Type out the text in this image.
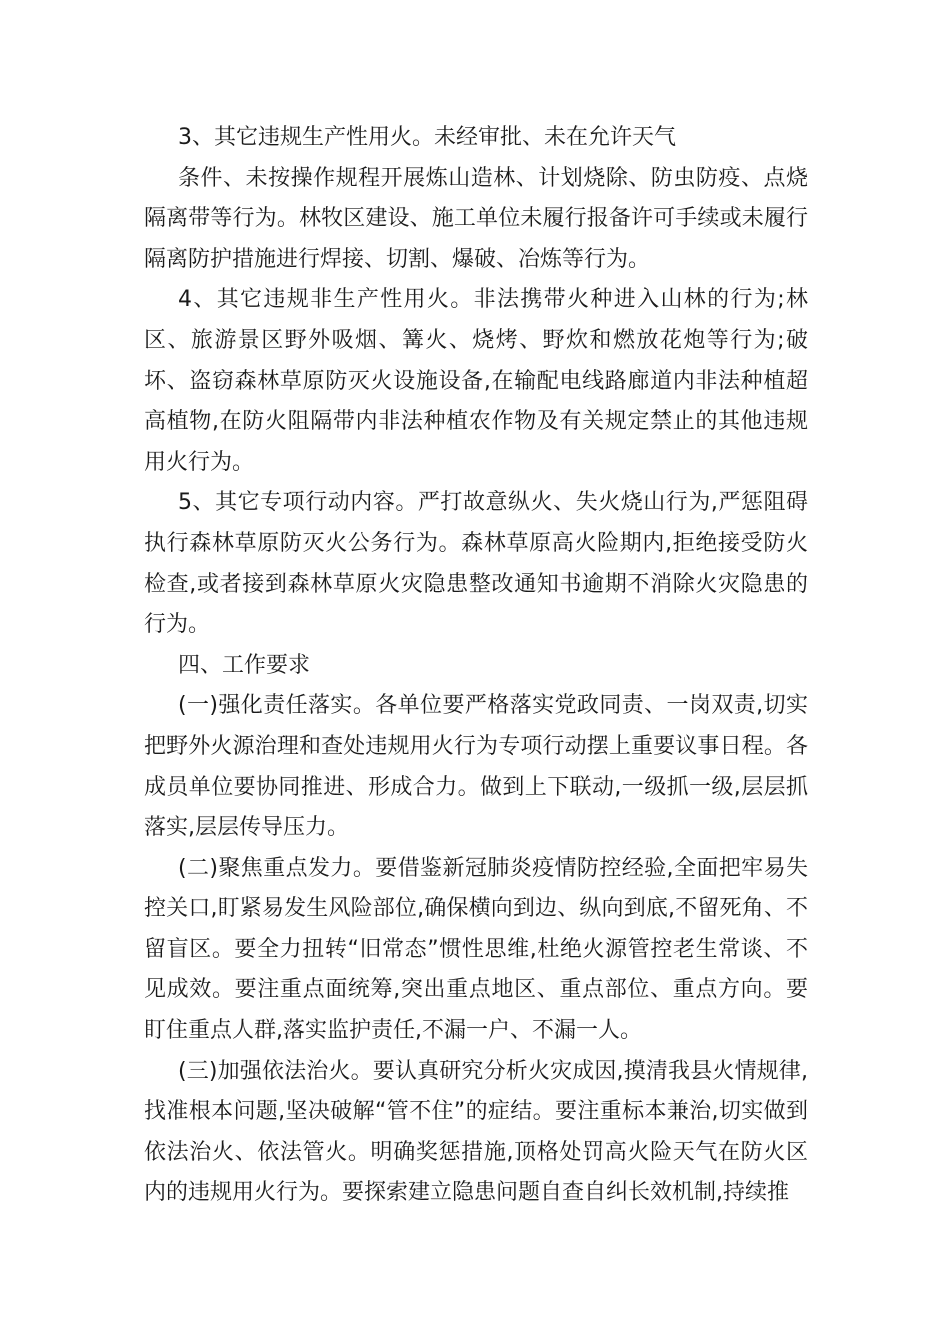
3、其它违规生产性用火。未经审批、未在允许天气

条件、未按操作规程开展炼山造林、计划烧除、防虫防疫、点烧隔离带等行为。林牧区建设、施工单位未履行报备许可手续或未履行隔离防护措施进行焊接、切割、爆破、冶炼等行为。

4、其它违规非生产性用火。非法携带火种进入山林的行为;林区、旅游景区野外吸烟、篝火、烧烤、野炊和燃放花炮等行为;破坏、盗窃森林草原防灭火设施设备,在输配电线路廊道内非法种植超高植物,在防火阻隔带内非法种植农作物及有关规定禁止的其他违规用火行为。

5、其它专项行动内容。严打故意纵火、失火烧山行为,严惩阻碍执行森林草原防灭火公务行为。森林草原高火险期内,拒绝接受防火检查,或者接到森林草原火灾隐患整改通知书逾期不消除火灾隐患的行为。

四、工作要求

(一)强化责任落实。各单位要严格落实党政同责、一岗双责,切实把野外火源治理和查处违规用火行为专项行动摆上重要议事日程。各成员单位要协同推进、形成合力。做到上下联动,一级抓一级,层层抓落实,层层传导压力。

(二)聚焦重点发力。要借鉴新冠肺炎疫情防控经验,全面把牢易失控关口,盯紧易发生风险部位,确保横向到边、纵向到底,不留死角、不留盲区。要全力扭转“旧常态”惯性思维,杜绝火源管控老生常谈、不见成效。要注重点面统筹,突出重点地区、重点部位、重点方向。要盯住重点人群,落实监护责任,不漏一户、不漏一人。

(三)加强依法治火。要认真研究分析火灾成因,摸清我县火情规律,找准根本问题,坚决破解“管不住”的症结。要注重标本兼治,切实做到依法治火、依法管火。明确奖惩措施,顶格处罚高火险天气在防火区内的违规用火行为。要探索建立隐患问题自查自纠长效机制,持续推
